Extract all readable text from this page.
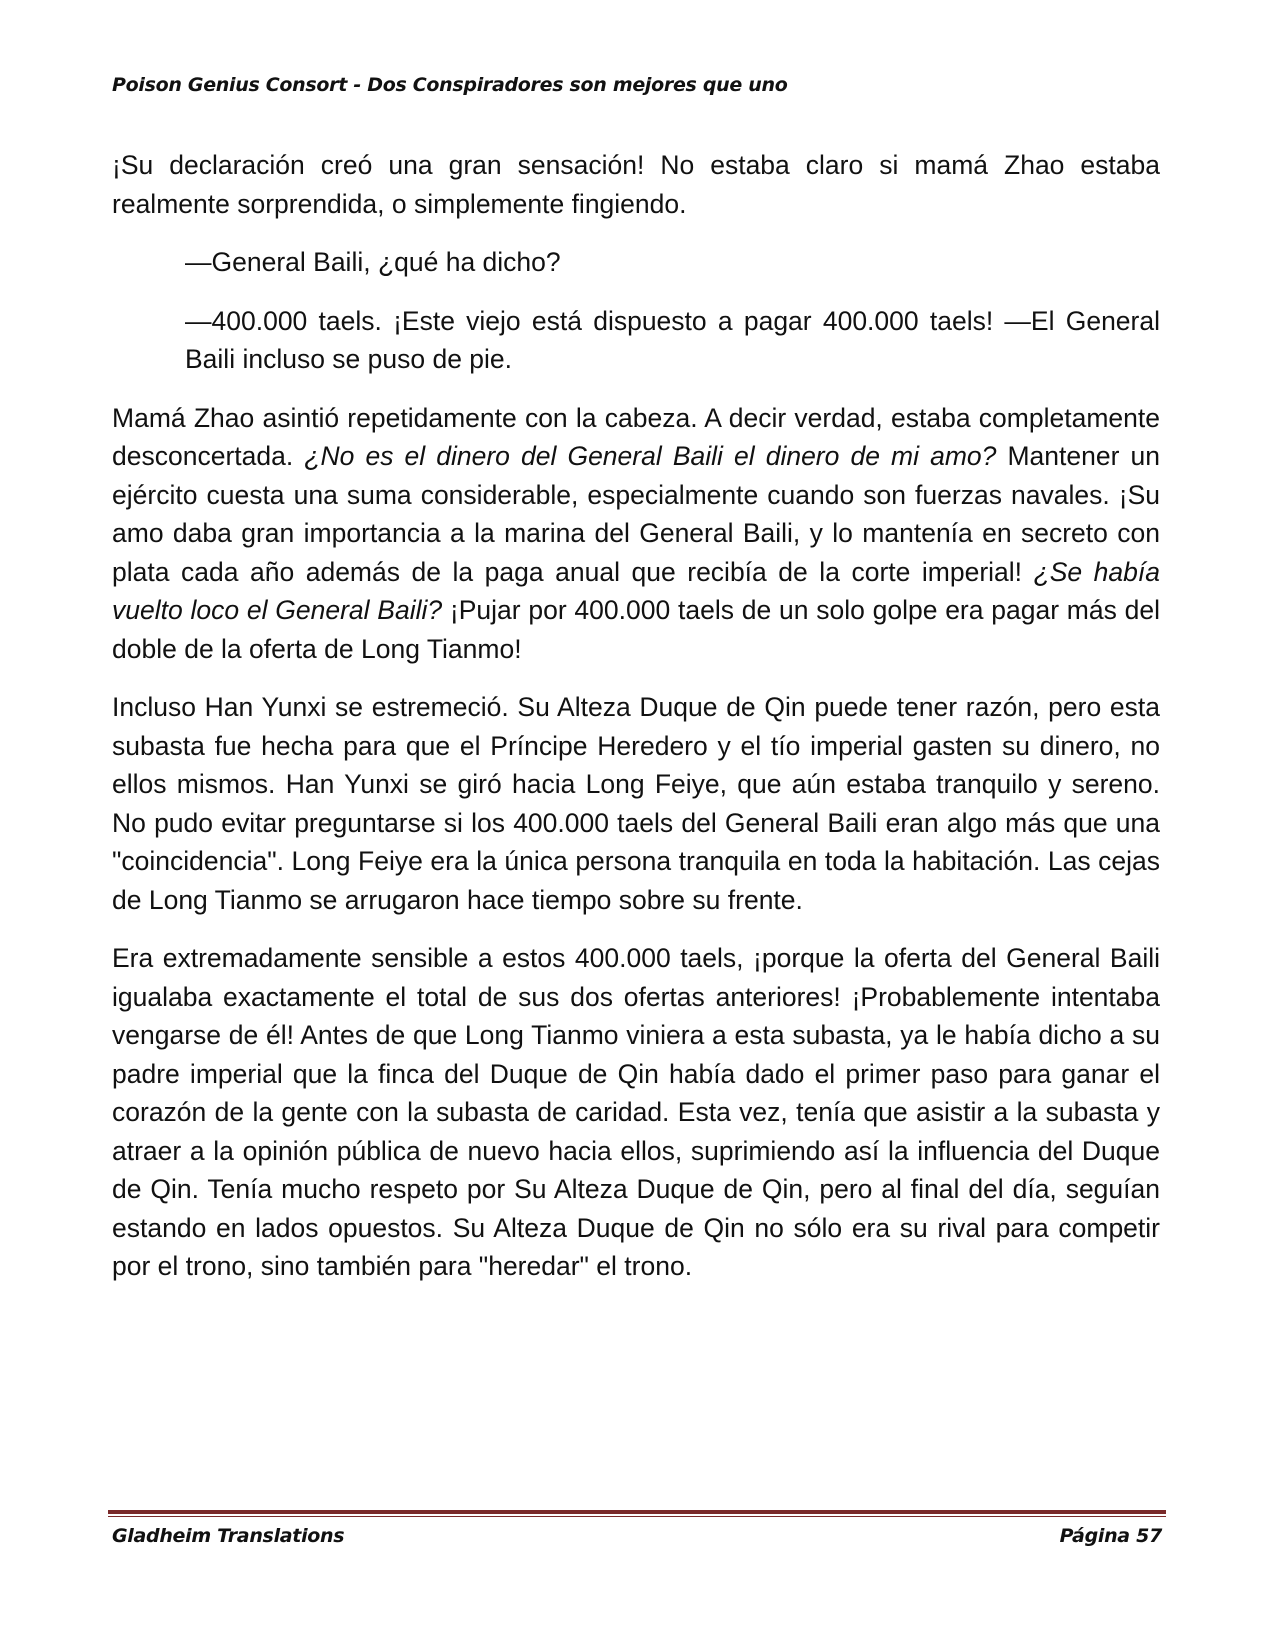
Poison Genius Consort - Dos Conspiradores son mejores que uno

¡Su declaración creó una gran sensación! No estaba claro si mamá Zhao estaba realmente sorprendida, o simplemente fingiendo.

—General Baili, ¿qué ha dicho?

—400.000 taels. ¡Este viejo está dispuesto a pagar 400.000 taels! —El General Baili incluso se puso de pie.

Mamá Zhao asintió repetidamente con la cabeza. A decir verdad, estaba completamente desconcertada. ¿No es el dinero del General Baili el dinero de mi amo? Mantener un ejército cuesta una suma considerable, especialmente cuando son fuerzas navales. ¡Su amo daba gran importancia a la marina del General Baili, y lo mantenía en secreto con plata cada año además de la paga anual que recibía de la corte imperial! ¿Se había vuelto loco el General Baili? ¡Pujar por 400.000 taels de un solo golpe era pagar más del doble de la oferta de Long Tianmo!

Incluso Han Yunxi se estremeció. Su Alteza Duque de Qin puede tener razón, pero esta subasta fue hecha para que el Príncipe Heredero y el tío imperial gasten su dinero, no ellos mismos. Han Yunxi se giró hacia Long Feiye, que aún estaba tranquilo y sereno. No pudo evitar preguntarse si los 400.000 taels del General Baili eran algo más que una "coincidencia". Long Feiye era la única persona tranquila en toda la habitación. Las cejas de Long Tianmo se arrugaron hace tiempo sobre su frente.

Era extremadamente sensible a estos 400.000 taels, ¡porque la oferta del General Baili igualaba exactamente el total de sus dos ofertas anteriores! ¡Probablemente intentaba vengarse de él! Antes de que Long Tianmo viniera a esta subasta, ya le había dicho a su padre imperial que la finca del Duque de Qin había dado el primer paso para ganar el corazón de la gente con la subasta de caridad. Esta vez, tenía que asistir a la subasta y atraer a la opinión pública de nuevo hacia ellos, suprimiendo así la influencia del Duque de Qin. Tenía mucho respeto por Su Alteza Duque de Qin, pero al final del día, seguían estando en lados opuestos. Su Alteza Duque de Qin no sólo era su rival para competir por el trono, sino también para "heredar" el trono.

Gladheim Translations	Página 57
